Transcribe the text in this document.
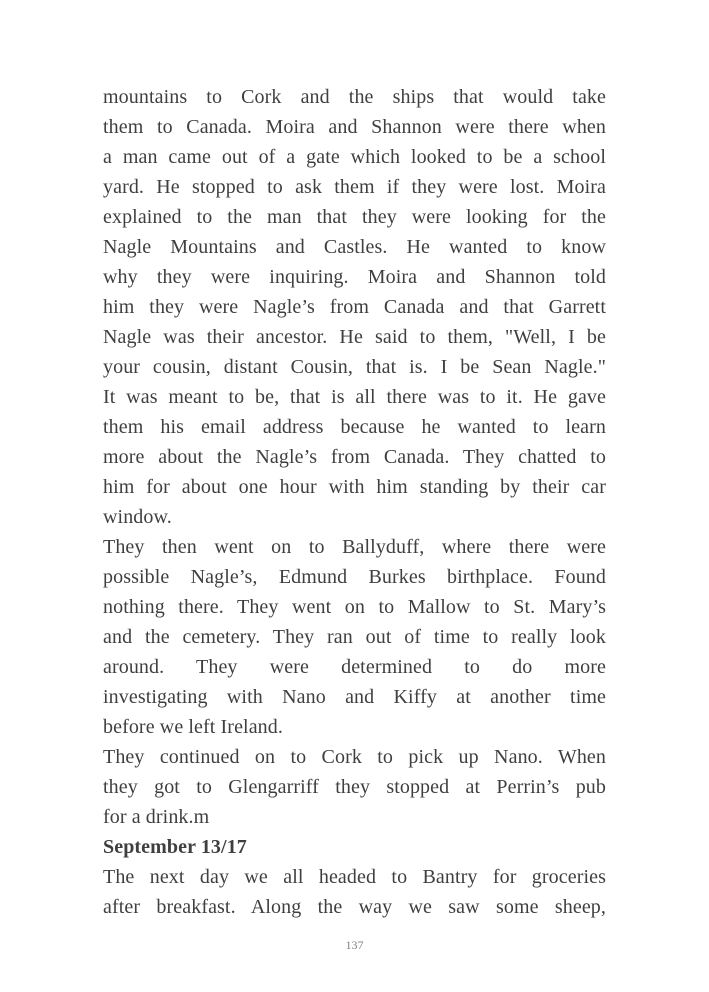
mountains to Cork and the ships that would take
them to Canada. Moira and Shannon were there when
a man came out of a gate which looked to be a school
yard. He stopped to ask them if they were lost. Moira
explained to the man that they were looking for the
Nagle Mountains and Castles. He wanted to know
why they were inquiring. Moira and Shannon told
him they were Nagle’s from Canada and that Garrett
Nagle was their ancestor. He said to them, "Well, I be
your cousin, distant Cousin, that is. I be Sean Nagle."
It was meant to be, that is all there was to it. He gave
them his email address because he wanted to learn
more about the Nagle’s from Canada. They chatted to
him for about one hour with him standing by their car
window.
They then went on to Ballyduff, where there were
possible Nagle’s, Edmund Burkes birthplace. Found
nothing there. They went on to Mallow to St. Mary’s
and the cemetery. They ran out of time to really look
around. They were determined to do more
investigating with Nano and Kiffy at another time
before we left Ireland.
They continued on to Cork to pick up Nano. When
they got to Glengarriff they stopped at Perrin’s pub
for a drink.m
September 13/17
The next day we all headed to Bantry for groceries
after breakfast. Along the way we saw some sheep,
137
